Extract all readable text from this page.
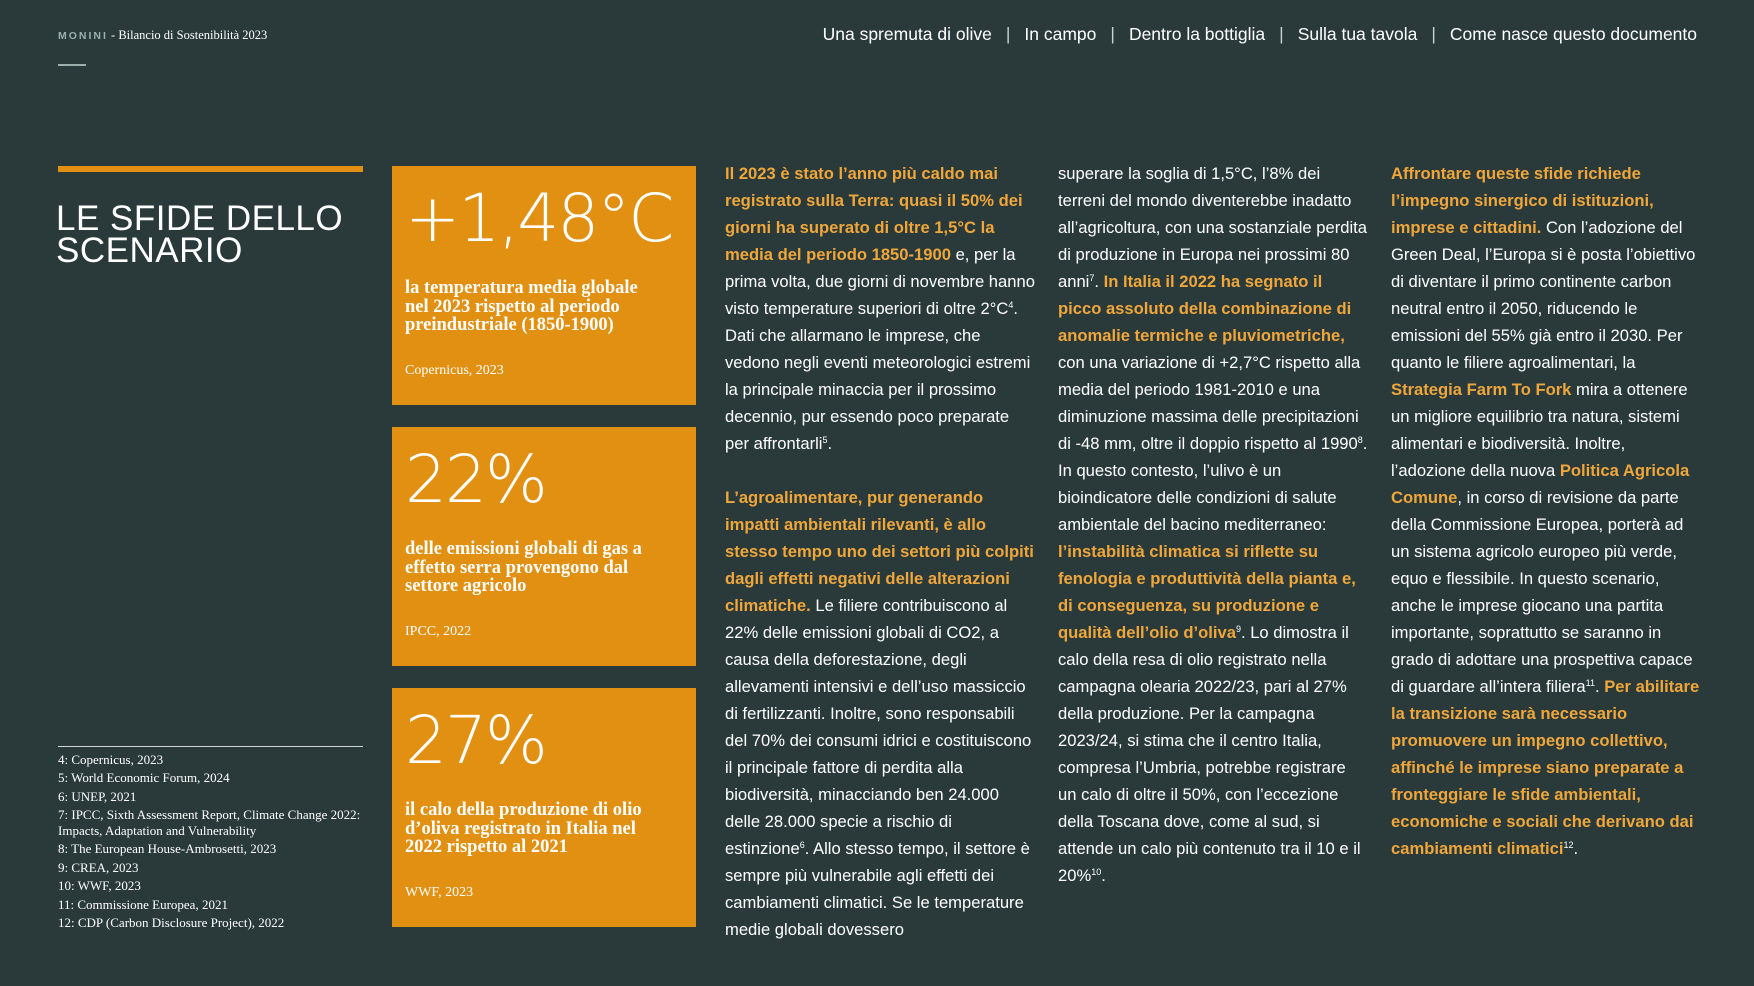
MONINI - Bilancio di Sostenibilità 2023	Una spremuta di olive | In campo | Dentro la bottiglia | Sulla tua tavola | Come nasce questo documento
LE SFIDE DELLO
SCENARIO
4: Copernicus, 2023
5: World Economic Forum, 2024
6: UNEP, 2021
7: IPCC, Sixth Assessment Report, Climate Change 2022: Impacts, Adaptation and Vulnerability
8: The European House-Ambrosetti, 2023
9: CREA, 2023
10: WWF, 2023
11: Commissione Europea, 2021
12: CDP (Carbon Disclosure Project), 2022
+1,48°C
la temperatura media globale nel 2023 rispetto al periodo preindustriale (1850-1900)
Copernicus, 2023
22%
delle emissioni globali di gas a effetto serra provengono dal settore agricolo
IPCC, 2022
27%
il calo della produzione di olio d’oliva registrato in Italia nel 2022 rispetto al 2021
WWF, 2023

Il 2023 è stato l’anno più caldo mai registrato sulla Terra: quasi il 50% dei giorni ha superato di oltre 1,5°C la media del periodo 1850-1900 e, per la prima volta, due giorni di novembre hanno visto temperature superiori di oltre $2^\circ C^4$. Dati che allarmano le imprese, che vedono negli eventi meteorologici estremi la principale minaccia per il prossimo decennio, pur essendo poco preparate per affrontarli$^5$.

L’agroalimentare, pur generando impatti ambientali rilevanti, è allo stesso tempo uno dei settori più colpiti dagli effetti negativi delle alterazioni climatiche. Le filiere contribuiscono al 22% delle emissioni globali di CO2, a causa della deforestazione, degli allevamenti intensivi e dell’uso massiccio di fertilizzanti. Inoltre, sono responsabili del 70% dei consumi idrici e costituiscono il principale fattore di perdita alla biodiversità, minacciando ben 24.000 delle 28.000 specie a rischio di estinzione$^6$. Allo stesso tempo, il settore è sempre più vulnerabile agli effetti dei cambiamenti climatici. Se le temperature medie globali dovessero

superare la soglia di 1,5°C, l’8% dei terreni del mondo diventerebbe inadatto all’agricoltura, con una sostanziale perdita di produzione in Europa nei prossimi 80 anni$^7$. In Italia il 2022 ha segnato il picco assoluto della combinazione di anomalie termiche e pluviometriche, con una variazione di +2,7°C rispetto alla media del periodo 1981-2010 e una diminuzione massima delle precipitazioni di -48 mm, oltre il doppio rispetto al 1990$^8$. In questo contesto, l’ulivo è un bioindicatore delle condizioni di salute ambientale del bacino mediterraneo: l’instabilità climatica si riflette su fenologia e produttività della pianta e, di conseguenza, su produzione e qualità dell’olio d’oliva$^9$. Lo dimostra il calo della resa di olio registrato nella campagna olearia 2022/23, pari al 27% della produzione. Per la campagna 2023/24, si stima che il centro Italia, compresa l’Umbria, potrebbe registrare un calo di oltre il 50%, con l’eccezione della Toscana dove, come al sud, si attende un calo più contenuto tra il 10 e il 20%$^{10}$.

Affrontare queste sfide richiede l’impegno sinergico di istituzioni, imprese e cittadini. Con l’adozione del Green Deal, l’Europa si è posta l’obiettivo di diventare il primo continente carbon neutral entro il 2050, riducendo le emissioni del 55% già entro il 2030. Per quanto le filiere agroalimentari, la Strategia Farm To Fork mira a ottenere un migliore equilibrio tra natura, sistemi alimentari e biodiversità. Inoltre, l’adozione della nuova Politica Agricola Comune, in corso di revisione da parte della Commissione Europea, porterà ad un sistema agricolo europeo più verde, equo e flessibile. In questo scenario, anche le imprese giocano una partita importante, soprattutto se saranno in grado di adottare una prospettiva capace di guardare all’intera filiera$^{11}$. Per abilitare la transizione sarà necessario promuovere un impegno collettivo, affinché le imprese siano preparate a fronteggiare le sfide ambientali, economiche e sociali che derivano dai cambiamenti climatici$^{12}$.
